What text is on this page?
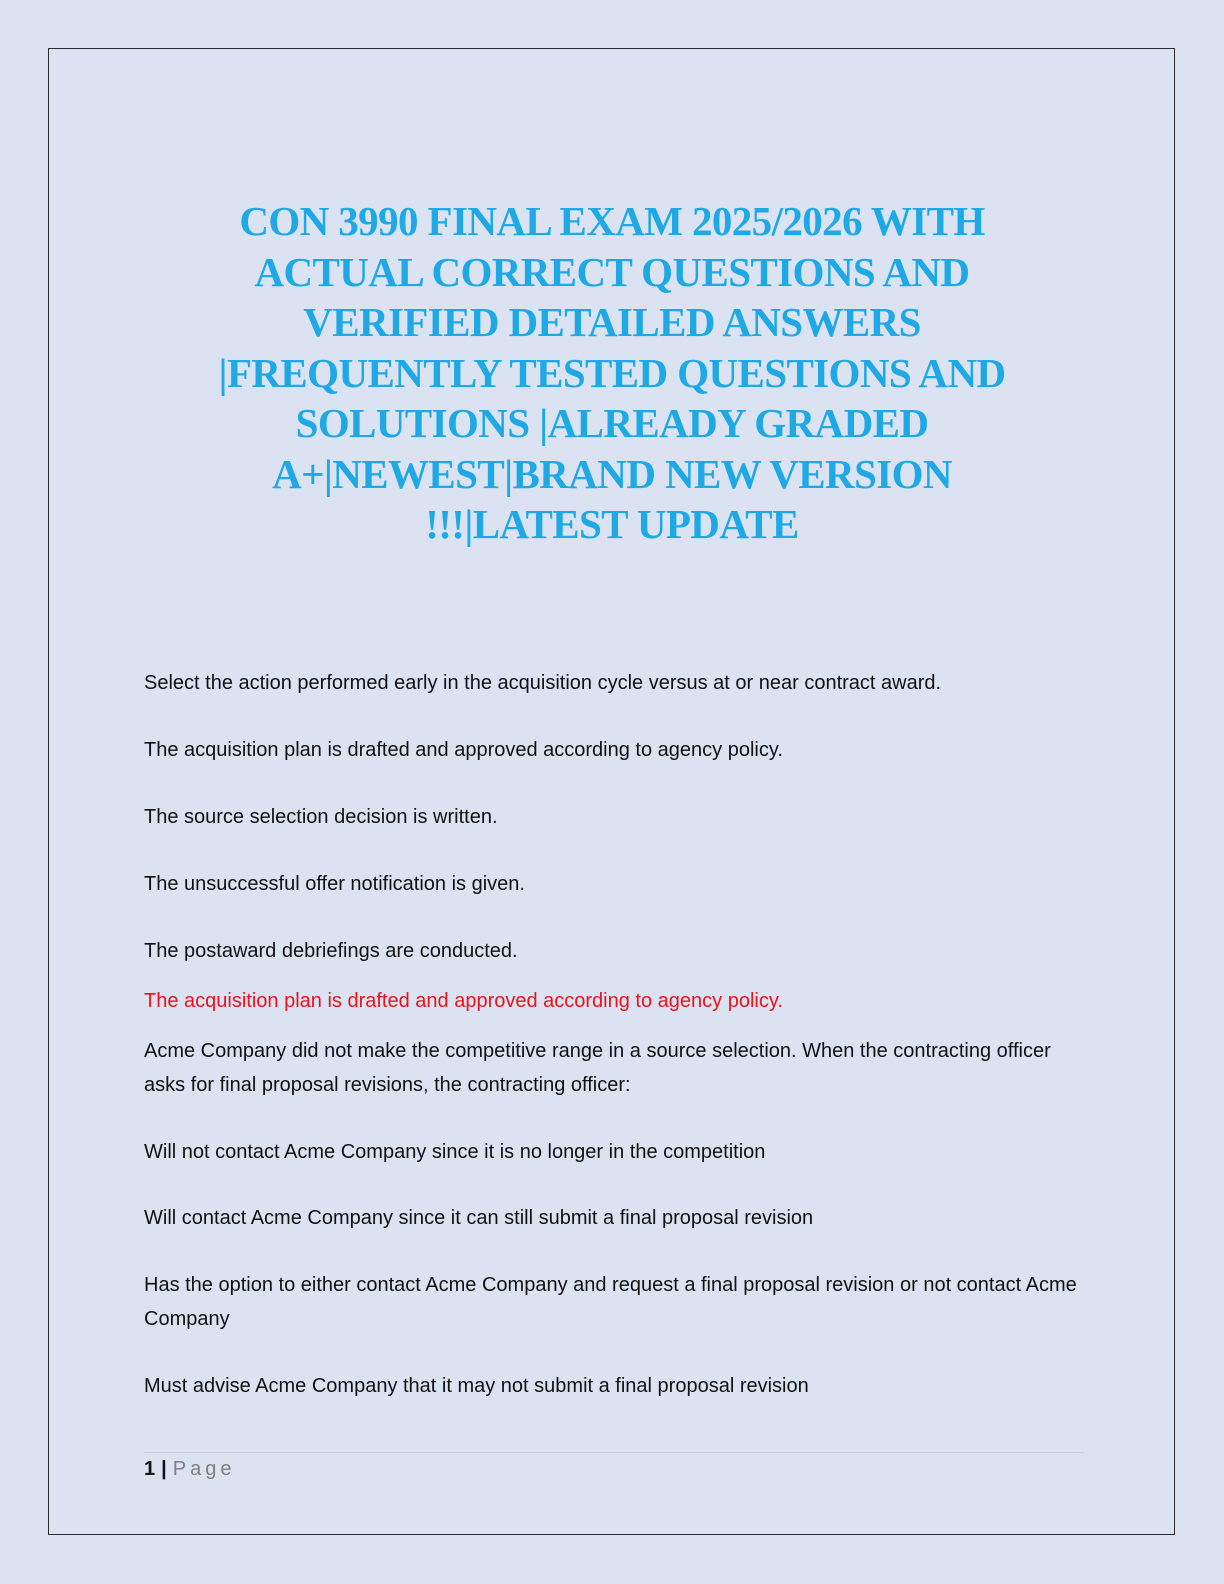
CON 3990 FINAL EXAM 2025/2026 WITH
ACTUAL CORRECT QUESTIONS AND
VERIFIED DETAILED ANSWERS
|FREQUENTLY TESTED QUESTIONS AND
SOLUTIONS |ALREADY GRADED
A+|NEWEST|BRAND NEW VERSION
!!!|LATEST UPDATE

Select the action performed early in the acquisition cycle versus at or near contract award.

The acquisition plan is drafted and approved according to agency policy.

The source selection decision is written.

The unsuccessful offer notification is given.

The postaward debriefings are conducted.

The acquisition plan is drafted and approved according to agency policy.

Acme Company did not make the competitive range in a source selection. When the contracting officer asks for final proposal revisions, the contracting officer:

Will not contact Acme Company since it is no longer in the competition

Will contact Acme Company since it can still submit a final proposal revision

Has the option to either contact Acme Company and request a final proposal revision or not contact Acme Company

Must advise Acme Company that it may not submit a final proposal revision

1 | Page
